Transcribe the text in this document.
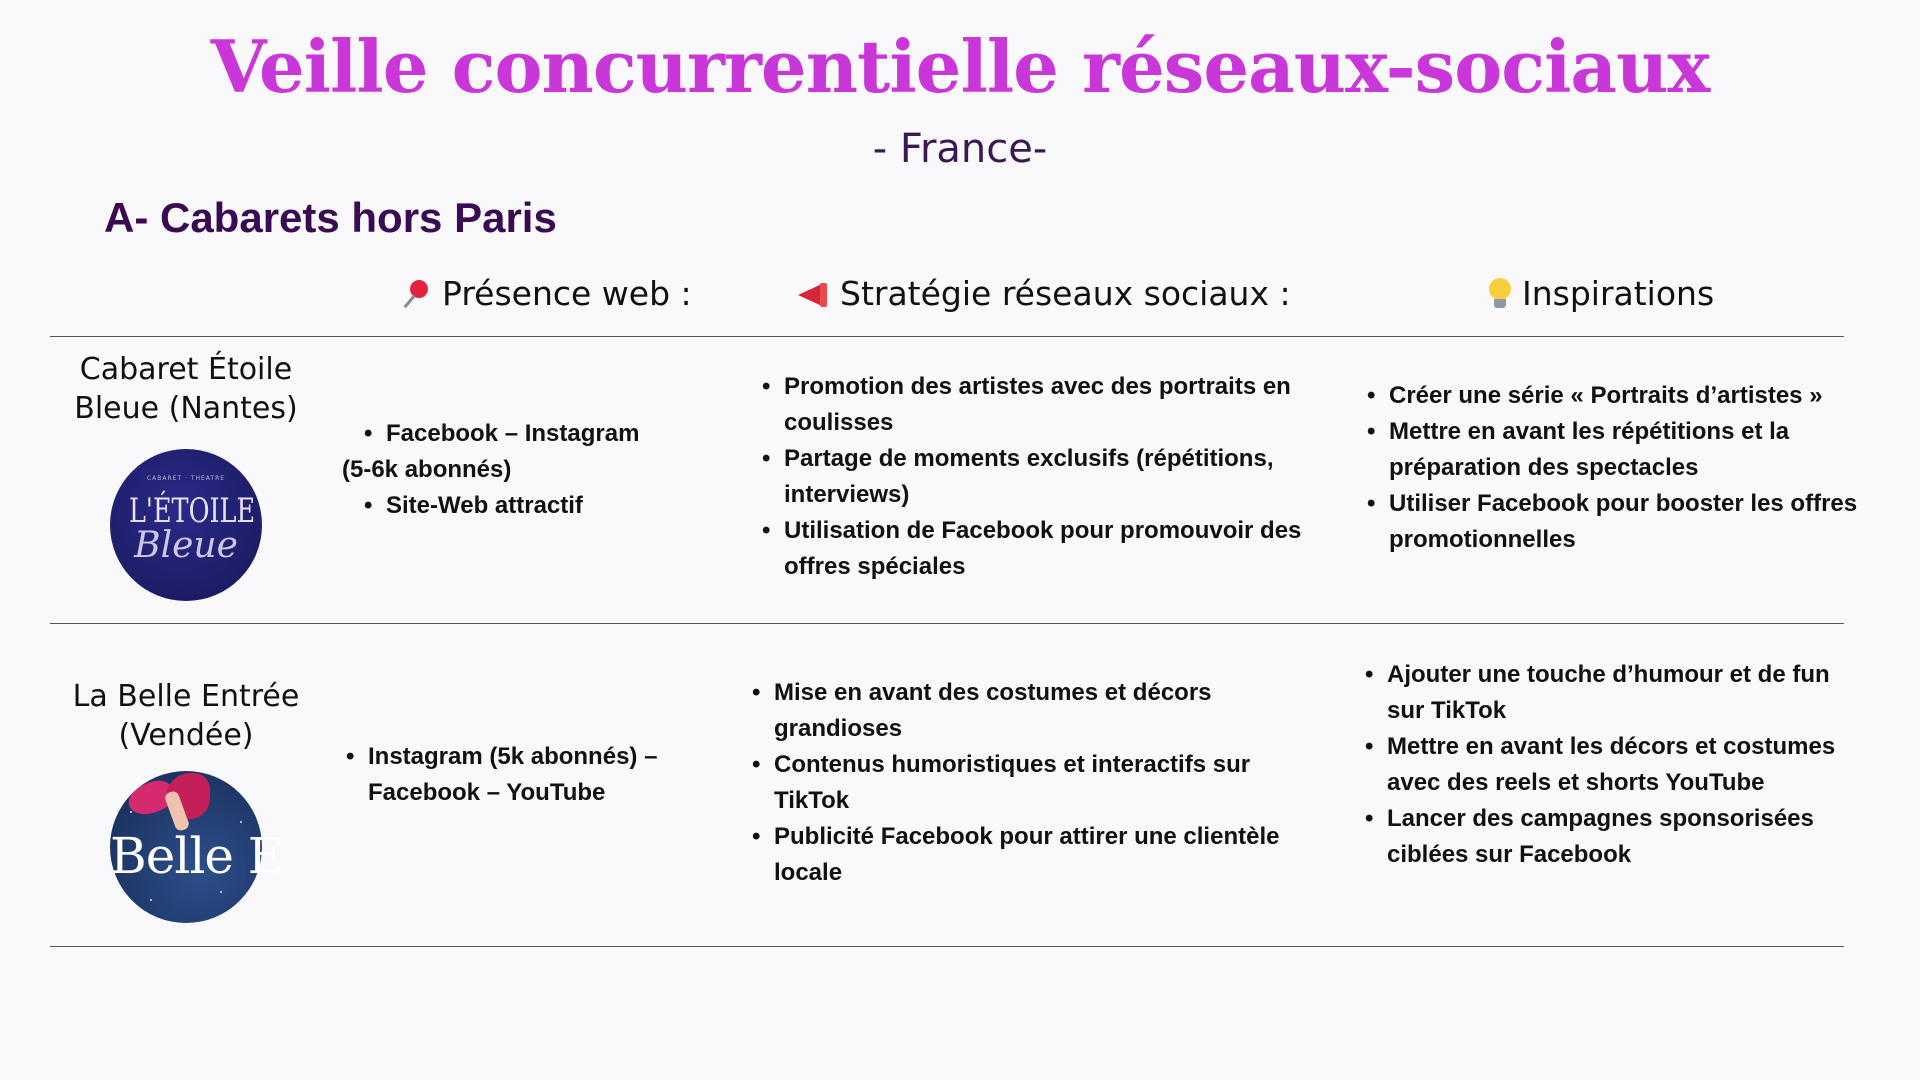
Veille concurrentielle réseaux-sociaux
- France-
A- Cabarets hors Paris
Présence web :	Stratégie réseaux sociaux :	Inspirations
Cabaret Étoile Bleue (Nantes)
CABARET · THEATRE
L'ÉTOILE
Bleue
• Facebook – Instagram
(5-6k abonnés)
• Site-Web attractif
• Promotion des artistes avec des portraits en coulisses
• Partage de moments exclusifs (répétitions, interviews)
• Utilisation de Facebook pour promouvoir des offres spéciales
• Créer une série « Portraits d’artistes »
• Mettre en avant les répétitions et la préparation des spectacles
• Utiliser Facebook pour booster les offres promotionnelles
La Belle Entrée (Vendée)
Belle E
• Instagram (5k abonnés) – Facebook – YouTube
• Mise en avant des costumes et décors grandioses
• Contenus humoristiques et interactifs sur TikTok
• Publicité Facebook pour attirer une clientèle locale
• Ajouter une touche d’humour et de fun sur TikTok
• Mettre en avant les décors et costumes avec des reels et shorts YouTube
• Lancer des campagnes sponsorisées ciblées sur Facebook
